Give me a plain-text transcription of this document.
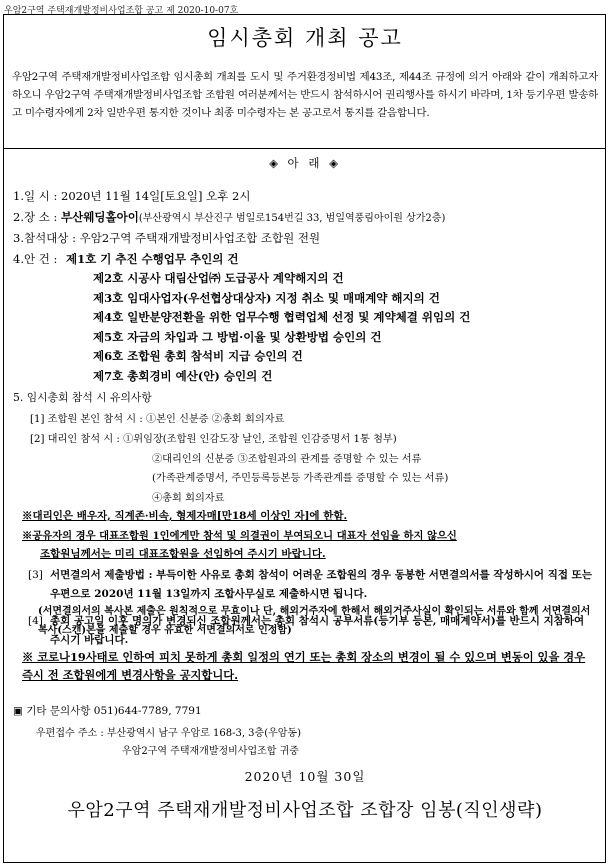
우암2구역 주택재개발정비사업조합 공고 제 2020-10-07호
임시총회 개최 공고
우암2구역 주택재개발정비사업조합 임시총회 개최를 도시 및 주거환경정비법 제43조, 제44조 규정에 의거 아래와 같이 개최하고자 하오니 우암2구역 주택재개발정비사업조합 조합원 여러분께서는 반드시 참석하시어 권리행사를 하시기 바라며, 1차 등기우편 발송하고 미수령자에게 2차 일반우편 통지한 것이나 최종 미수령자는 본 공고로서 통지를 갈음합니다.
◈ 아 래 ◈
1.일 시 : 2020년 11월 14일[토요일] 오후 2시
2.장 소 : 부산웨딩홀아이(부산광역시 부산진구 범일로154번길 33, 범일역풍림아이원 상가2층)
3.참석대상 : 우암2구역 주택재개발정비사업조합 조합원 전원
4.안 건 : 제1호 기 추진 수행업무 추인의 건
제2호 시공사 대림산업㈜ 도급공사 계약해지의 건
제3호 임대사업자(우선협상대상자) 지정 취소 및 매매계약 해지의 건
제4호 일반분양전환을 위한 업무수행 협력업체 선정 및 계약체결 위임의 건
제5호 자금의 차입과 그 방법·이율 및 상환방법 승인의 건
제6호 조합원 총회 참석비 지급 승인의 건
제7호 총회경비 예산(안) 승인의 건
5. 임시총회 참석 시 유의사항
[1] 조합원 본인 참석 시 : ①본인 신분증 ②총회 회의자료
[2] 대리인 참석 시 : ①위임장(조합원 인감도장 날인, 조합원 인감증명서 1통 첨부)
②대리인의 신분증 ③조합원과의 관계를 증명할 수 있는 서류
(가족관계증명서, 주민등록등본등 가족관계를 증명할 수 있는 서류)
④총회 회의자료
※대리인은 배우자, 직계존·비속, 형제자매[만18세 이상인 자]에 한함.
※공유자의 경우 대표조합원 1인에게만 참석 및 의결권이 부여되오니 대표자 선임을 하지 않으신
조합원님께서는 미리 대표조합원을 선임하여 주시기 바랍니다.
[3] 서면결의서 제출방법 : 부득이한 사유로 총회 참석이 어려운 조합원의 경우 동봉한 서면결의서를 작성하시어 직접 또는 우편으로 2020년 11월 13일까지 조합사무실로 제출하시면 됩니다.
(서면결의서의 복사본 제출은 원칙적으로 무효이나 단, 해외거주자에 한해서 해외거주사실이 확인되는 서류와 함께 서면결의서 복사(스캔)본을 제출할 경우 유효한 서면결의서로 인정함)
[4] 총회 공고일 이후 명의가 변경되신 조합원께서는 총회 참석시 공부서류(등기부 등본, 매매계약서)를 반드시 지참하여 주시기 바랍니다.
※ 코로나19사태로 인하여 피치 못하게 총회 일정의 연기 또는 총회 장소의 변경이 될 수 있으며 변동이 있을 경우 즉시 전 조합원에게 변경사항을 공지합니다.
▣ 기타 문의사항 051)644-7789, 7791
우편접수 주소 : 부산광역시 남구 우암로 168-3, 3층(우암동)
우암2구역 주택재개발정비사업조합 귀중
2020년 10월 30일
우암2구역 주택재개발정비사업조합 조합장 임봉(직인생략)
